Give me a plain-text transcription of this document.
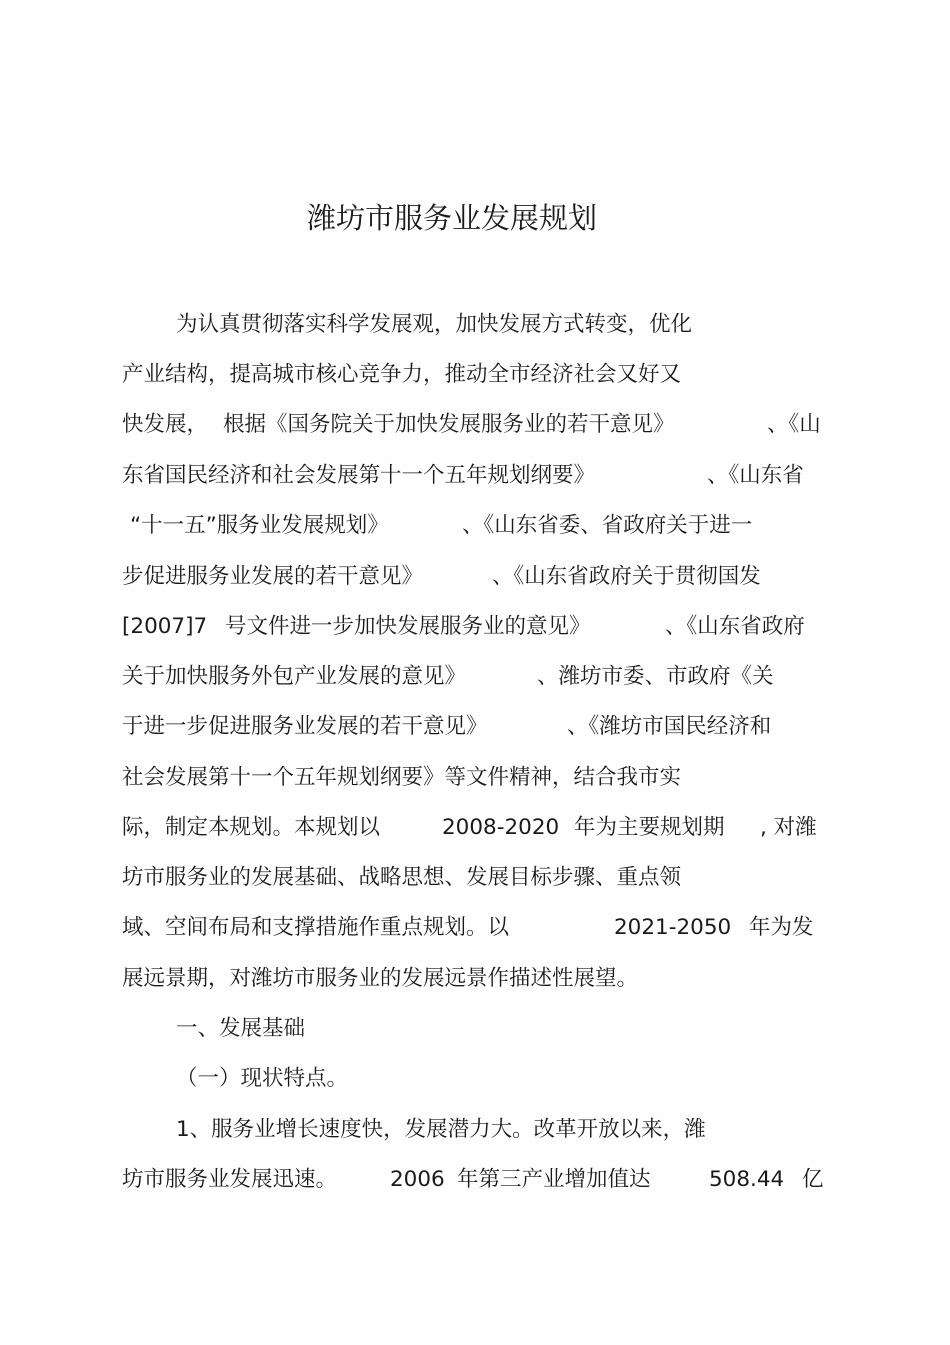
潍坊市服务业发展规划
为认真贯彻落实科学发展观，加快发展方式转变，优化
产业结构，提高城市核心竞争力，推动全市经济社会又好又
快发展， 根据《国务院关于加快发展服务业的若干意见》	、《山
东省国民经济和社会发展第十一个五年规划纲要》	、《山东省
“十一五”服务业发展规划》	、《山东省委、省政府关于进一
步促进服务业发展的若干意见》	、《山东省政府关于贯彻国发
[2007]7 号文件进一步加快发展服务业的意见》	、《山东省政府
关于加快服务外包产业发展的意见》	、潍坊市委、市政府《关
于进一步促进服务业发展的若干意见》	、《潍坊市国民经济和
社会发展第十一个五年规划纲要》等文件精神，结合我市实
际，制定本规划。本规划以	2008-2020 年为主要规划期 , 对潍
坊市服务业的发展基础、战略思想、发展目标步骤、重点领
域、空间布局和支撑措施作重点规划。以	2021-2050 年为发
展远景期，对潍坊市服务业的发展远景作描述性展望。
一、发展基础
（一）现状特点。
1、服务业增长速度快，发展潜力大。改革开放以来，潍
坊市服务业发展迅速。 2006 年第三产业增加值达	508.44 亿
